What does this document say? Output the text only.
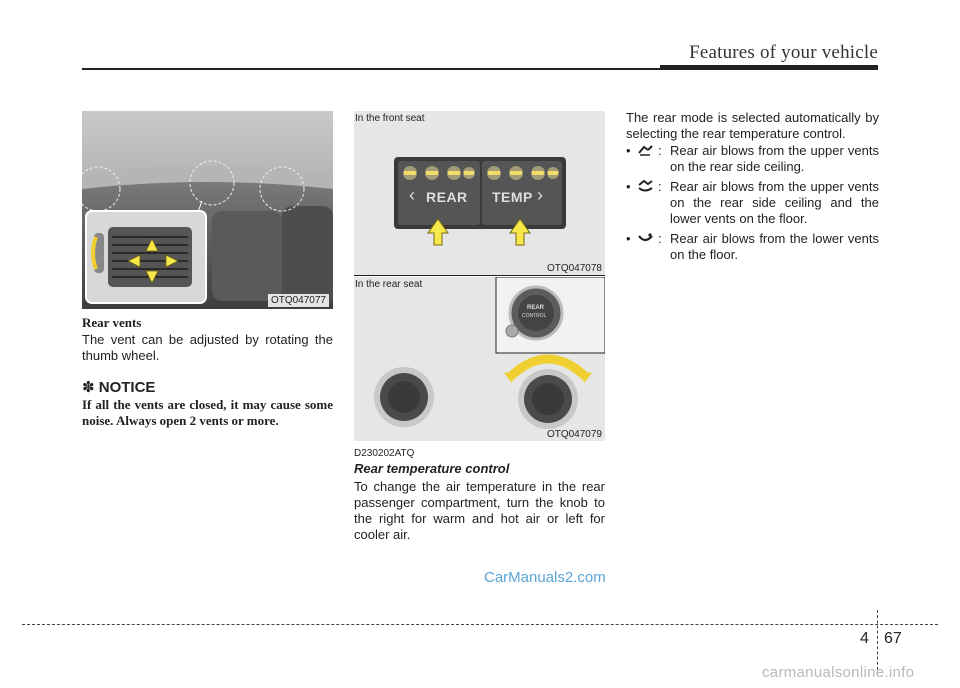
Features of your vehicle
OTQ047077
Rear vents
The vent can be adjusted by rotating the thumb wheel.
✽ NOTICE
If all the vents are closed, it may cause some noise. Always open 2 vents or more.
In the front seat
REAR TEMP
‹	›
OTQ047078
In the rear seat
REAR
CONTROL
OTQ047079
D230202ATQ
Rear temperature control
To change the air temperature in the rear passenger compartment, turn the knob to the right for warm and hot air or left for cooler air.
The rear mode is selected automatically by selecting the rear temperature control.
•	: Rear air blows from the upper vents on the rear side ceiling.
•	: Rear air blows from the upper vents on the rear side ceiling and the lower vents on the floor.
•	: Rear air blows from the lower vents on the floor.
CarManuals2.com
4 67
carmanualsonline.info
